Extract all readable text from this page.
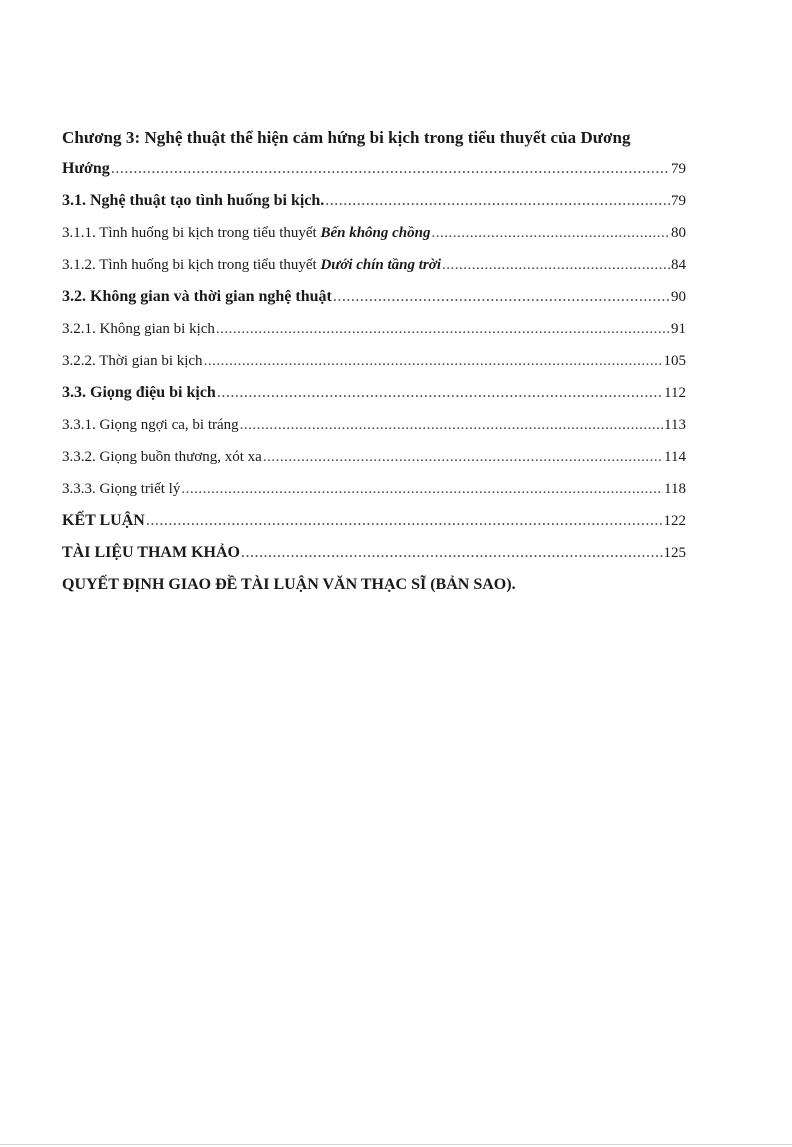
Chương 3: Nghệ thuật thể hiện cảm hứng bi kịch trong tiểu thuyết của Dương
Hướng .....	79
3.1. Nghệ thuật tạo tình huống bi kịch. .....	79
3.1.1. Tình huống bi kịch trong tiểu thuyết Bến không chồng .....	80
3.1.2. Tình huống bi kịch trong tiểu thuyết Dưới chín tầng trời .....	84
3.2. Không gian và thời gian nghệ thuật .....	90
3.2.1. Không gian bi kịch .....	91
3.2.2. Thời gian bi kịch .....	105
3.3. Giọng điệu bi kịch .....	112
3.3.1. Giọng ngợi ca, bi tráng .....	113
3.3.2. Giọng buồn thương, xót xa .....	114
3.3.3. Giọng triết lý .....	118
KẾT LUẬN .....	122
TÀI LIỆU THAM KHẢO .....	125
QUYẾT ĐỊNH GIAO ĐỀ TÀI LUẬN VĂN THẠC SĨ (BẢN SAO).
